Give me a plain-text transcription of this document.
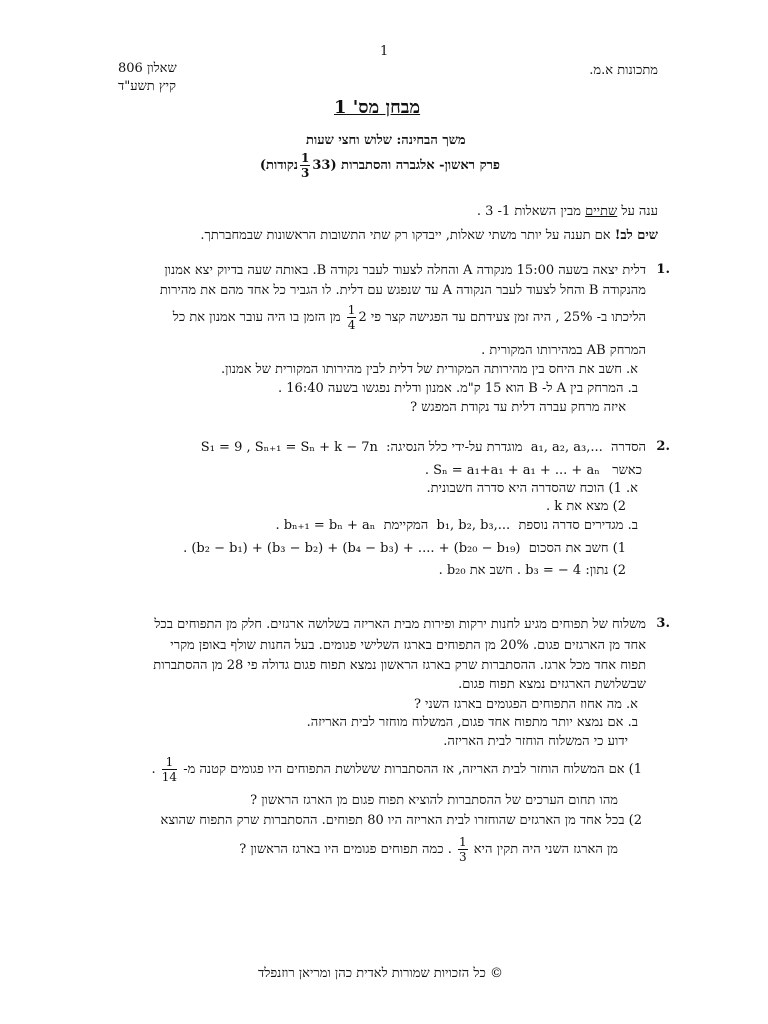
1
שאלון 806
קיץ תשע"ד
מתכונות א.מ.
מבחן מס' 1
משך הבחינה: שלוש וחצי שעות
פרק ראשון- אלגברה והסתברות (33
$\frac{1}{3}$
נקודות)
ענה על שתיים מבין השאלות 1- 3 .
שים לב! אם תענה על יותר משתי שאלות, ייבדקו רק שתי התשובות הראשונות שבמחברתך.
1.
דלית יצאה בשעה 15:00 מנקודה A והחלה לצעוד לעבר נקודה B. באותה שעה בדיוק יצא אמנון
מהנקודה B והחל לצעוד לעבר הנקודה A עד שנפגש עם דלית. לו הגביר כל אחד מהם את מהירות
הליכתו ב- 25% , היה זמן צעידתם עד הפגישה קצר פי 2
$\frac{1}{4}$
מן הזמן בו היה עובר אמנון את כל
המרחק AB במהירותו המקורית .
א. חשב את היחס בין מהירותה המקורית של דלית לבין מהירותו המקורית של אמנון.
ב. המרחק בין A ל- B הוא 15 ק"מ. אמנון ודלית נפגשו בשעה 16:40 .
איזה מרחק עברה דלית עד נקודת המפגש ?
2.
הסדרה  a₁, a₂, a₃,...  מוגדרת על-ידי כלל הנסיגה:  S₁ = 9 , Sₙ₊₁ = Sₙ + k − 7n
כאשר   Sₙ = a₁+a₁ + a₁ + ... + aₙ .
א. 1) הוכח שהסדרה היא סדרה חשבונית.
2) מצא את k .
ב. מגדירים סדרה נוספת  b₁, b₂, b₃,...  המקיימת  bₙ₊₁ = bₙ + aₙ .
1) חשב את הסכום  (b₂ − b₁) + (b₃ − b₂) + (b₄ − b₃) + .... + (b₂₀ − b₁₉) .
2) נתון: b₃ = − 4 . חשב את b₂₀ .
3.
משלוח של תפוחים מגיע לחנות ירקות ופירות מבית האריזה בשלושה ארגזים. חלק מן התפוחים בכל
אחד מן הארגזים פגום. 20% מן התפוחים בארגז השלישי פגומים. בעל החנות שולף באופן מקרי
תפוח אחד מכל ארגז. ההסתברות שרק בארגז הראשון נמצא תפוח פגום גדולה פי 28 מן ההסתברות
שבשלושת הארגזים נמצא תפוח פגום.
א. מה אחוז התפוחים הפגומים בארגז השני ?
ב. אם נמצא יותר מתפוח אחד פגום, המשלוח מוחזר לבית האריזה.
ידוע כי המשלוח הוחזר לבית האריזה.
1) אם המשלוח הוחזר לבית האריזה, אז ההסתברות ששלושת התפוחים היו פגומים קטנה מ-
$\frac{1}{14}$
.
מהו תחום הערכים של ההסתברות להוציא תפוח פגום מן הארגז הראשון ?
2) בכל אחד מן הארגזים שהוחזרו לבית האריזה היו 80 תפוחים. ההסתברות שרק התפוח שהוצא
מן הארגז השני היה תקין היא
$\frac{1}{3}$
. כמה תפוחים פגומים היו בארגז הראשון ?
© כל הזכויות שמורות לאדית כהן ומריאן רוזנפלד
